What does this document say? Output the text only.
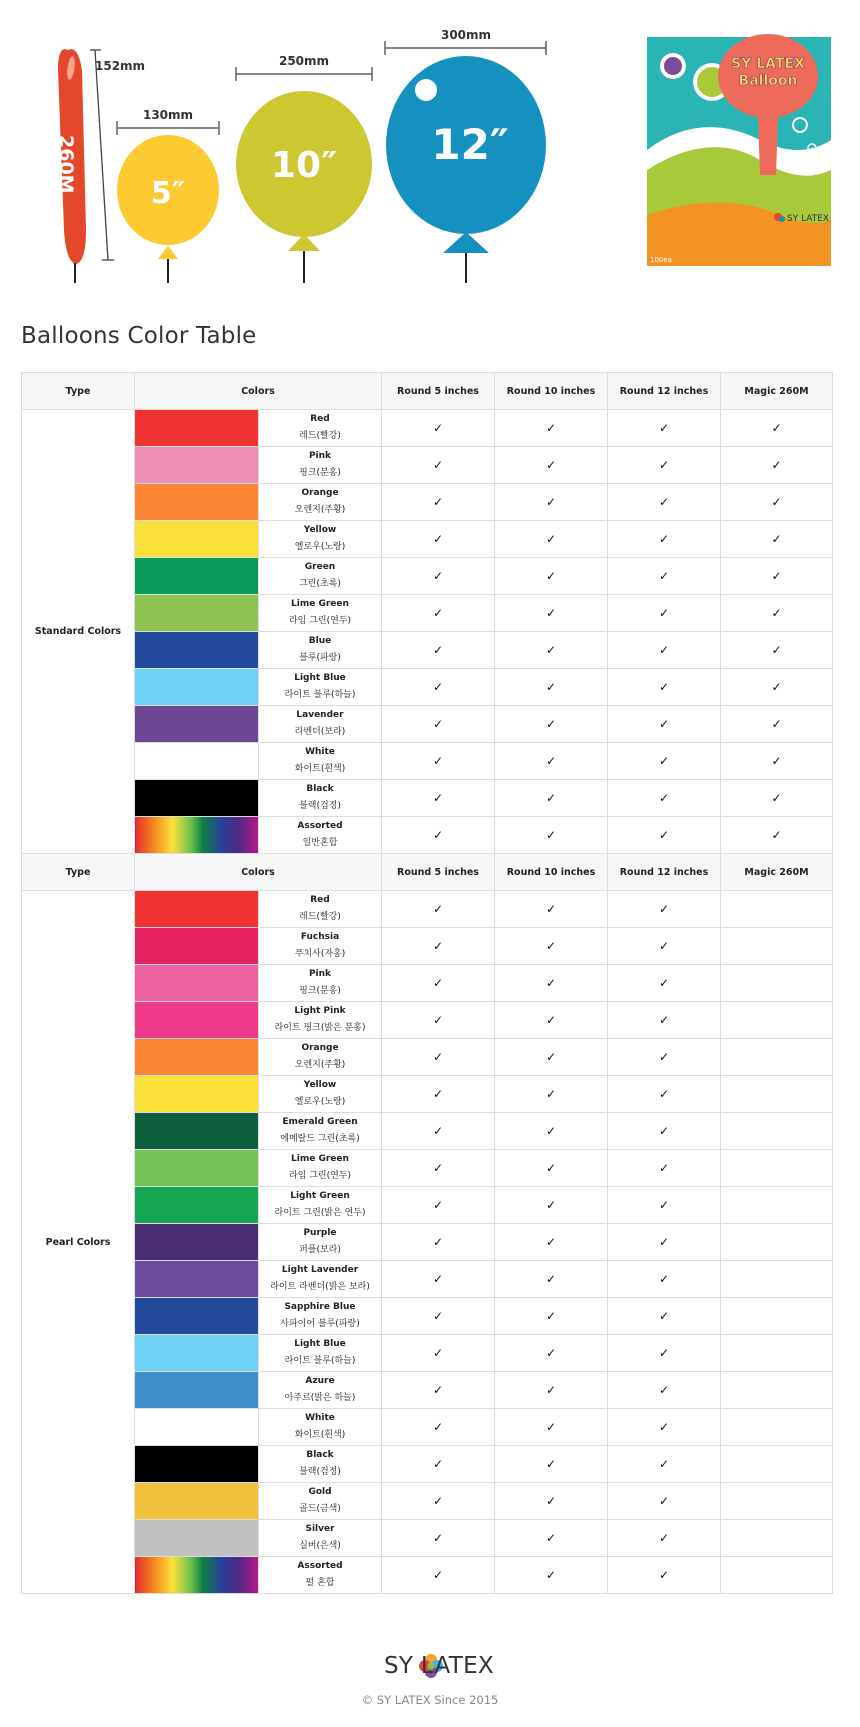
260M
152mm
5″
130mm
10″
250mm
12″
300mm
SY LATEX
Balloon
SY LATEX
100ea
Balloons Color Table
Type	Colors		Round 5 inches	Round 10 inches	Round 12 inches	Magic 260M
Standard Colors		Red
레드(빨강)	✓	✓	✓	✓

		Pink
핑크(분홍)	✓	✓	✓	✓

		Orange
오렌지(주황)	✓	✓	✓	✓

		Yellow
옐로우(노랑)	✓	✓	✓	✓

		Green
그린(초록)	✓	✓	✓	✓

		Lime Green
라임 그린(연두)	✓	✓	✓	✓

		Blue
블루(파랑)	✓	✓	✓	✓

		Light Blue
라이트 블루(하늘)	✓	✓	✓	✓

		Lavender
라벤더(보라)	✓	✓	✓	✓

		White
화이트(흰색)	✓	✓	✓	✓

		Black
블랙(검정)	✓	✓	✓	✓

		Assorted
일반혼합	✓	✓	✓	✓
Type	Colors		Round 5 inches	Round 10 inches	Round 12 inches	Magic 260M
Pearl Colors		Red
레드(빨강)	✓	✓	✓	

		Fuchsia
푸치사(자홍)	✓	✓	✓	

		Pink
핑크(분홍)	✓	✓	✓	

		Light Pink
라이트 핑크(밝은 분홍)	✓	✓	✓	

		Orange
오렌지(주황)	✓	✓	✓	

		Yellow
옐로우(노랑)	✓	✓	✓	

		Emerald Green
에메랄드 그린(초록)	✓	✓	✓	

		Lime Green
라임 그린(연두)	✓	✓	✓	

		Light Green
라이트 그린(밝은 연두)	✓	✓	✓	

		Purple
퍼플(보라)	✓	✓	✓	

		Light Lavender
라이트 라벤더(밝은 보라)	✓	✓	✓	

		Sapphire Blue
사파이어 블루(파랑)	✓	✓	✓	

		Light Blue
라이트 블루(하늘)	✓	✓	✓	

		Azure
아주르(밝은 하늘)	✓	✓	✓	

		White
화이트(흰색)	✓	✓	✓	

		Black
블랙(검정)	✓	✓	✓	

		Gold
골드(금색)	✓	✓	✓	

		Silver
실버(은색)	✓	✓	✓	

		Assorted
펄 혼합	✓	✓	✓	

SY LATEX

© SY LATEX Since 2015
